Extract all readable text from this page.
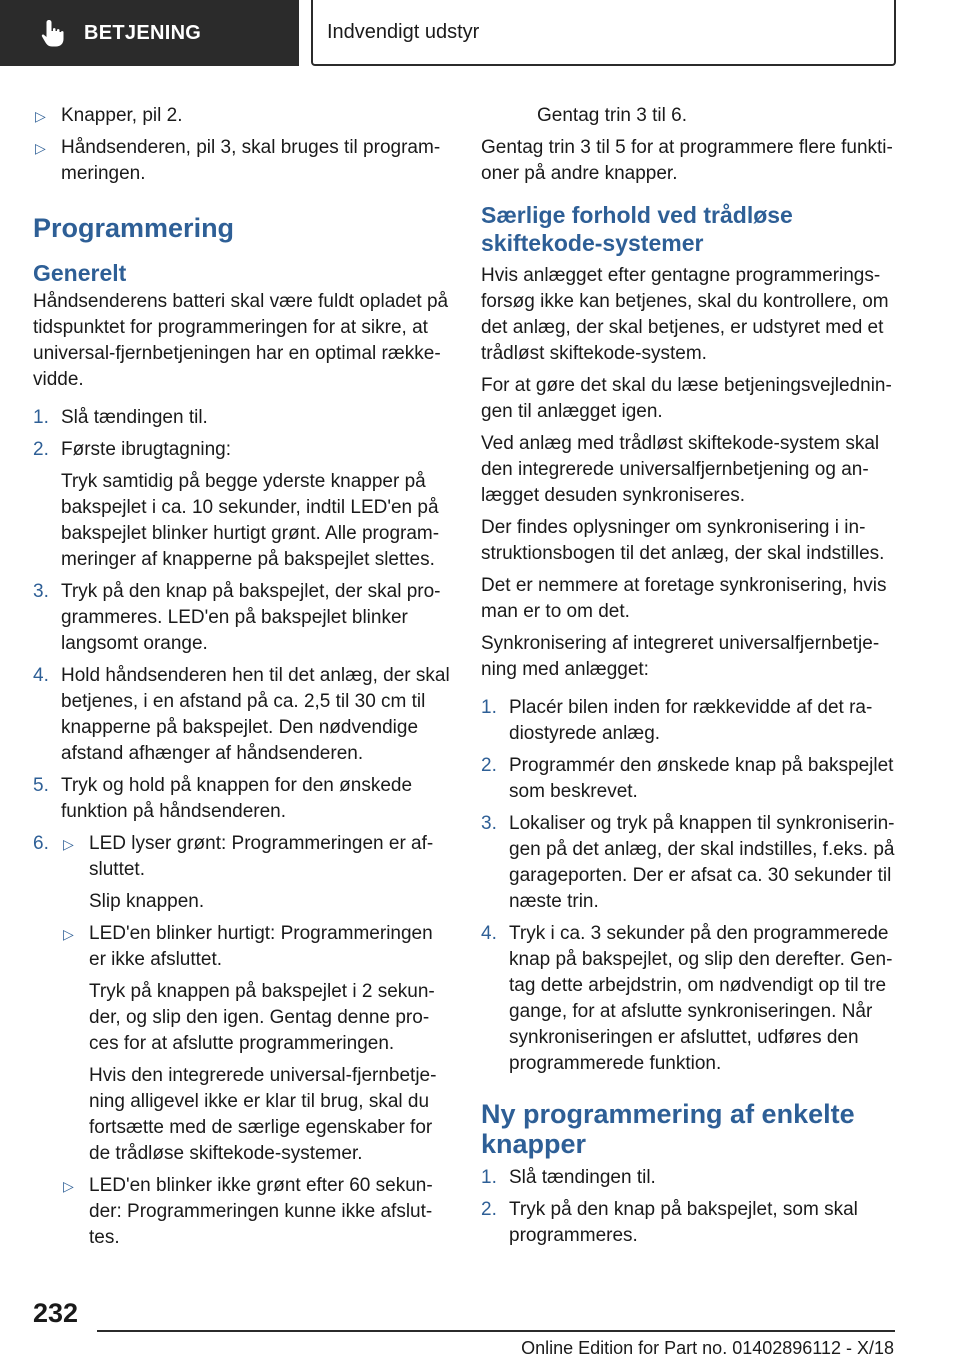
BETJENING	Indvendigt udstyr
▷ Knapper, pil 2.
▷ Håndsenderen, pil 3, skal bruges til programmeringen.
Programmering
Generelt

Håndsenderens batteri skal være fuldt opladet på tidspunktet for programmeringen for at sikre, at universal-fjernbetjeningen har en optimal rækkevidde.

1. Slå tændingen til.
2. Første ibrugtagning:

Tryk samtidig på begge yderste knapper på bakspejlet i ca. 10 sekunder, indtil LED'en på bakspejlet blinker hurtigt grønt. Alle programmeringer af knapperne på bakspejlet slettes.

3. Tryk på den knap på bakspejlet, der skal programmeres. LED'en på bakspejlet blinker langsomt orange.
4. Hold håndsenderen hen til det anlæg, der skal betjenes, i en afstand på ca. 2,5 til 30 cm til knapperne på bakspejlet. Den nødvendige afstand afhænger af håndsenderen.
5. Tryk og hold på knappen for den ønskede funktion på håndsenderen.
6.	▷ LED lyser grønt: Programmeringen er afsluttet.

Slip knappen.

▷ LED'en blinker hurtigt: Programmeringen er ikke afsluttet.

Tryk på knappen på bakspejlet i 2 sekunder, og slip den igen. Gentag denne proces for at afslutte programmeringen.

Hvis den integrerede universal-fjernbetjening alligevel ikke er klar til brug, skal du fortsætte med de særlige egenskaber for de trådløse skiftekode-systemer.

▷ LED'en blinker ikke grønt efter 60 sekunder: Programmeringen kunne ikke afsluttes.

Gentag trin 3 til 6.

Gentag trin 3 til 5 for at programmere flere funktioner på andre knapper.

Særlige forhold ved trådløse skiftekode-systemer

Hvis anlægget efter gentagne programmeringsforsøg ikke kan betjenes, skal du kontrollere, om det anlæg, der skal betjenes, er udstyret med et trådløst skiftekode-system.

For at gøre det skal du læse betjeningsvejledningen til anlægget igen.

Ved anlæg med trådløst skiftekode-system skal den integrerede universalfjernbetjening og anlægget desuden synkroniseres.

Der findes oplysninger om synkronisering i instruktionsbogen til det anlæg, der skal indstilles.

Det er nemmere at foretage synkronisering, hvis man er to om det.

Synkronisering af integreret universalfjernbetjening med anlægget:

1. Placér bilen inden for rækkevidde af det radiostyrede anlæg.
2. Programmér den ønskede knap på bakspejlet som beskrevet.
3. Lokaliser og tryk på knappen til synkroniseringen på det anlæg, der skal indstilles, f.eks. på garageporten. Der er afsat ca. 30 sekunder til næste trin.
4. Tryk i ca. 3 sekunder på den programmerede knap på bakspejlet, og slip den derefter. Gentag dette arbejdstrin, om nødvendigt op til tre gange, for at afslutte synkroniseringen. Når synkroniseringen er afsluttet, udføres den programmerede funktion.
Ny programmering af enkelte knapper
1. Slå tændingen til.
2. Tryk på den knap på bakspejlet, som skal programmeres.
232
Online Edition for Part no. 01402896112 - X/18
